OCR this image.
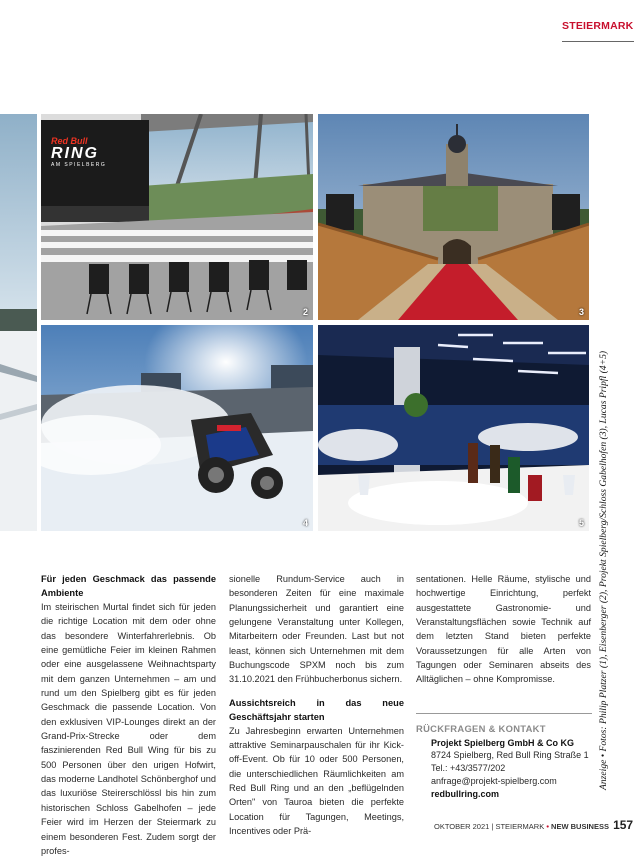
STEIERMARK
Red Bull
RING
AM SPIELBERG
2	3
4	5 Anzeige • Fotos: Philip Platzer (1), Eisenberger (2), Projekt Spielberg/Schloss Gabelhofen (3), Lucas Pripfl (4+5)
Für jeden Geschmack das passende Ambiente

Im steirischen Murtal findet sich für jeden die richtige Location mit dem oder ohne das besondere Winterfahrerlebnis. Ob eine gemütliche Feier im kleinen Rahmen oder eine ausgelassene Weihnachtsparty mit dem ganzen Unternehmen – am und rund um den Spielberg gibt es für jeden Geschmack die passende Location. Von den exklusiven VIP-Lounges direkt an der Grand-Prix-Strecke oder dem faszinierenden Red Bull Wing für bis zu 500 Personen über den urigen Hofwirt, das moderne Landhotel Schönberghof und das luxuriöse Steirerschlössl bis hin zum historischen Schloss Gabelhofen – jede Feier wird im Herzen der Steiermark zu einem besonderen Fest. Zudem sorgt der profes-

sionelle Rundum-Service auch in besonderen Zeiten für eine maximale Planungssicherheit und garantiert eine gelungene Veranstaltung unter Kollegen, Mitarbeitern oder Freunden. Last but not least, können sich Unternehmen mit dem Buchungscode SPXM noch bis zum 31.10.2021 den Frühbucherbonus sichern.

Aussichtsreich in das neue Geschäftsjahr starten

Zu Jahresbeginn erwarten Unternehmen attraktive Seminarpauschalen für ihr Kick-off-Event. Ob für 10 oder 500 Personen, die unterschiedlichen Räumlichkeiten am Red Bull Ring und an den „beflügelnden Orten" von Tauroa bieten die perfekte Location für Tagungen, Meetings, Incentives oder Prä-

sentationen. Helle Räume, stylische und hochwertige Einrichtung, perfekt ausgestattete Gastronomie- und Veranstaltungsflächen sowie Technik auf dem letzten Stand bieten perfekte Voraussetzungen für alle Arten von Tagungen oder Seminaren abseits des Alltäglichen – ohne Kompromisse.

RÜCKFRAGEN & KONTAKT
Projekt Spielberg GmbH & Co KG
8724 Spielberg, Red Bull Ring Straße 1
Tel.: +43/3577/202
anfrage@projekt-spielberg.com
redbullring.com
OKTOBER 2021 | STEIERMARK • NEW BUSINESS 157
